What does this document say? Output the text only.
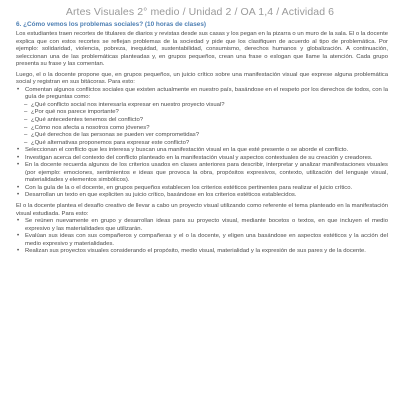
Artes Visuales 2° medio / Unidad 2 / OA 1,4 / Actividad 6
6. ¿Cómo vemos los problemas sociales? (10 horas de clases)

Los estudiantes traen recortes de titulares de diarios y revistas desde sus casas y los pegan en la pizarra o un muro de la sala. El o la docente explica que con estos recortes se reflejan problemas de la sociedad y pide que los clasifiquen de acuerdo al tipo de problemática. Por ejemplo: solidaridad, violencia, pobreza, inequidad, sustentabilidad, consumismo, derechos humanos y globalización. A continuación, seleccionan una de las problemáticas planteadas y, en grupos pequeños, crean una frase o eslogan que llame la atención. Cada grupo presenta su frase y las comentan.

Luego, el o la docente propone que, en grupos pequeños, un juicio crítico sobre una manifestación visual que exprese alguna problemática social y registran en sus bitácoras. Para esto:

• Comentan algunos conflictos sociales que existen actualmente en nuestro país, basándose en el respeto por los derechos de todos, con la guía de preguntas como:
– ¿Qué conflicto social nos interesaría expresar en nuestro proyecto visual?
– ¿Por qué nos parece importante?
– ¿Qué antecedentes tenemos del conflicto?
– ¿Cómo nos afecta a nosotros como jóvenes?
– ¿Qué derechos de las personas se pueden ver comprometidas?
– ¿Qué alternativas proponemos para expresar este conflicto?
• Seleccionan el conflicto que les interesa y buscan una manifestación visual en la que esté presente o se aborde el conflicto.
• Investigan acerca del contexto del conflicto planteado en la manifestación visual y aspectos contextuales de su creación y creadores.
• En la docente recuerda algunos de los criterios usados en clases anteriores para describir, interpretar y analizar manifestaciones visuales (por ejemplo: emociones, sentimientos e ideas que provoca la obra, propósitos expresivos, contexto, utilización del lenguaje visual, materialidades y elementos simbólicos).
• Con la guía de la o el docente, en grupos pequeños establecen los criterios estéticos pertinentes para realizar el juicio crítico.
• Desarrollan un texto en que expliciten su juicio crítico, basándose en los criterios estéticos establecidos.

El o la docente plantea el desafío creativo de llevar a cabo un proyecto visual utilizando como referente el tema planteado en la manifestación visual estudiada. Para esto:

• Se reúnen nuevamente en grupo y desarrollan ideas para su proyecto visual, mediante bocetos o textos, en que incluyen el medio expresivo y las materialidades que utilizarán.
• Evalúan sus ideas con sus compañeros y compañeras y el o la docente, y eligen una basándose en aspectos estéticos y la acción del medio expresivo y materialidades.
• Realizan sus proyectos visuales considerando el propósito, medio visual, materialidad y la expresión de sus pares y de la docente.
